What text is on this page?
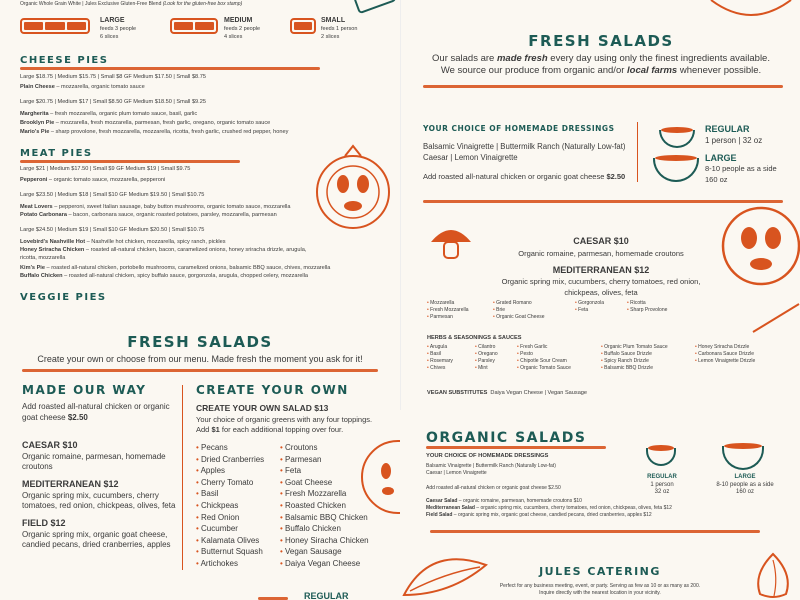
Organic Whole Grain White | Jules Exclusive Gluten-Free Blend (Look for the gluten-free box stamp)
LARGE
feeds 3 people
6 slices
MEDIUM
feeds 2 people
4 slices
SMALL
feeds 1 person
2 slices
CHEESE PIES
Large $18.75 | Medium $15.75 | Small $8 GF Medium $17.50 | Small $8.75
Plain Cheese – mozzarella, organic tomato sauce
Large $20.75 | Medium $17 | Small $8.50 GF Medium $18.50 | Small $9.25
Margherita – fresh mozzarella, organic plum tomato sauce, basil, garlic
Brooklyn Pie – mozzarella, fresh mozzarella, parmesan, fresh garlic, oregano, organic tomato sauce
Mario's Pie – sharp provolone, fresh mozzarella, mozzarella, ricotta, fresh garlic, crushed red pepper, honey
MEAT PIES
Large $21 | Medium $17.50 | Small $9 GF Medium $19 | Small $9.75
Pepperoni – organic tomato sauce, mozzarella, pepperoni
Large $23.50 | Medium $18 | Small $10 GF Medium $19.50 | Small $10.75
Meat Lovers – pepperoni, sweet Italian sausage, baby button mushrooms, organic tomato sauce, mozzarella
Potato Carbonara – bacon, carbonara sauce, organic roasted potatoes, parsley, mozzarella, parmesan
Large $24.50 | Medium $19 | Small $10 GF Medium $20.50 | Small $10.75
Lovebird's Nashville Hot – Nashville hot chicken, mozzarella, spicy ranch, pickles
Honey Sriracha Chicken – roasted all-natural chicken, bacon, caramelized onions, honey sriracha drizzle, arugula, ricotta, mozzarella
Kim's Pie – roasted all-natural chicken, portobello mushrooms, caramelized onions, balsamic BBQ sauce, chives, mozzarella
Buffalo Chicken – roasted all-natural chicken, spicy buffalo sauce, gorgonzola, arugula, chopped celery, mozzarella
VEGGIE PIES
FRESH SALADS
Our salads are made fresh every day using only the finest ingredients available.
We source our produce from organic and/or local farms whenever possible.
YOUR CHOICE OF HOMEMADE DRESSINGS
Balsamic Vinaigrette | Buttermilk Ranch (Naturally Low-fat)
Caesar | Lemon Vinaigrette
Add roasted all-natural chicken or organic goat cheese $2.50
REGULAR
1 person | 32 oz
LARGE
8-10 people as a side
160 oz
CAESAR $10
Organic romaine, parmesan, homemade croutons
MEDITERRANEAN $12
Organic spring mix, cucumbers, cherry tomatoes, red onion,
chickpeas, olives, feta
• Mozzarella
• Fresh Mozzarella
• Parmesan
• Grated Romano
• Brie
• Organic Goat Cheese
• Gorgonzola
• Feta
• Ricotta
• Sharp Provolone
HERBS & SEASONINGS & SAUCES
• Arugula
• Basil
• Rosemary
• Chives
• Cilantro
• Oregano
• Parsley
• Mint
• Fresh Garlic
• Pesto
• Chipotle Sour Cream
• Organic Tomato Sauce
• Organic Plum Tomato Sauce
• Buffalo Sauce Drizzle
• Spicy Ranch Drizzle
• Balsamic BBQ Drizzle
• Honey Sriracha Drizzle
• Carbonara Sauce Drizzle
• Lemon Vinaigrette Drizzle
VEGAN SUBSTITUTES Daiya Vegan Cheese | Vegan Sausage
FRESH SALADS
Create your own or choose from our menu. Made fresh the moment you ask for it!
MADE OUR WAY
Add roasted all-natural chicken or organic goat cheese $2.50
CAESAR $10
Organic romaine, parmesan, homemade croutons
MEDITERRANEAN $12
Organic spring mix, cucumbers, cherry tomatoes, red onion, chickpeas, olives, feta
FIELD $12
Organic spring mix, organic goat cheese, candied pecans, dried cranberries, apples
CREATE YOUR OWN
CREATE YOUR OWN SALAD $13
Your choice of organic greens with any four toppings.
Add $1 for each additional topping over four.
• Pecans
• Dried Cranberries
• Apples
• Cherry Tomato
• Basil
• Chickpeas
• Red Onion
• Cucumber
• Kalamata Olives
• Butternut Squash
• Artichokes
• Croutons
• Parmesan
• Feta
• Goat Cheese
• Fresh Mozzarella
• Roasted Chicken
• Balsamic BBQ Chicken
• Buffalo Chicken
• Honey Siracha Chicken
• Vegan Sausage
• Daiya Vegan Cheese
REGULAR
ORGANIC SALADS
YOUR CHOICE OF HOMEMADE DRESSINGS
Balsamic Vinaigrette | Buttermilk Ranch (Naturally Low-fat)
Caesar | Lemon Vinaigrette
Add roasted all-natural chicken or organic goat cheese $2.50
Caesar Salad – organic romaine, parmesan, homemade croutons $10
Mediterranean Salad – organic spring mix, cucumbers, cherry tomatoes, red onion, chickpeas, olives, feta $12
Field Salad – organic spring mix, organic goat cheese, candied pecans, dried cranberries, apples $12
REGULAR
1 person
32 oz
LARGE
8-10 people as a side
160 oz
JULES CATERING
Perfect for any business meeting, event, or party. Serving as few as 10 or as many as 200.
Inquire directly with the nearest location in your vicinity.
